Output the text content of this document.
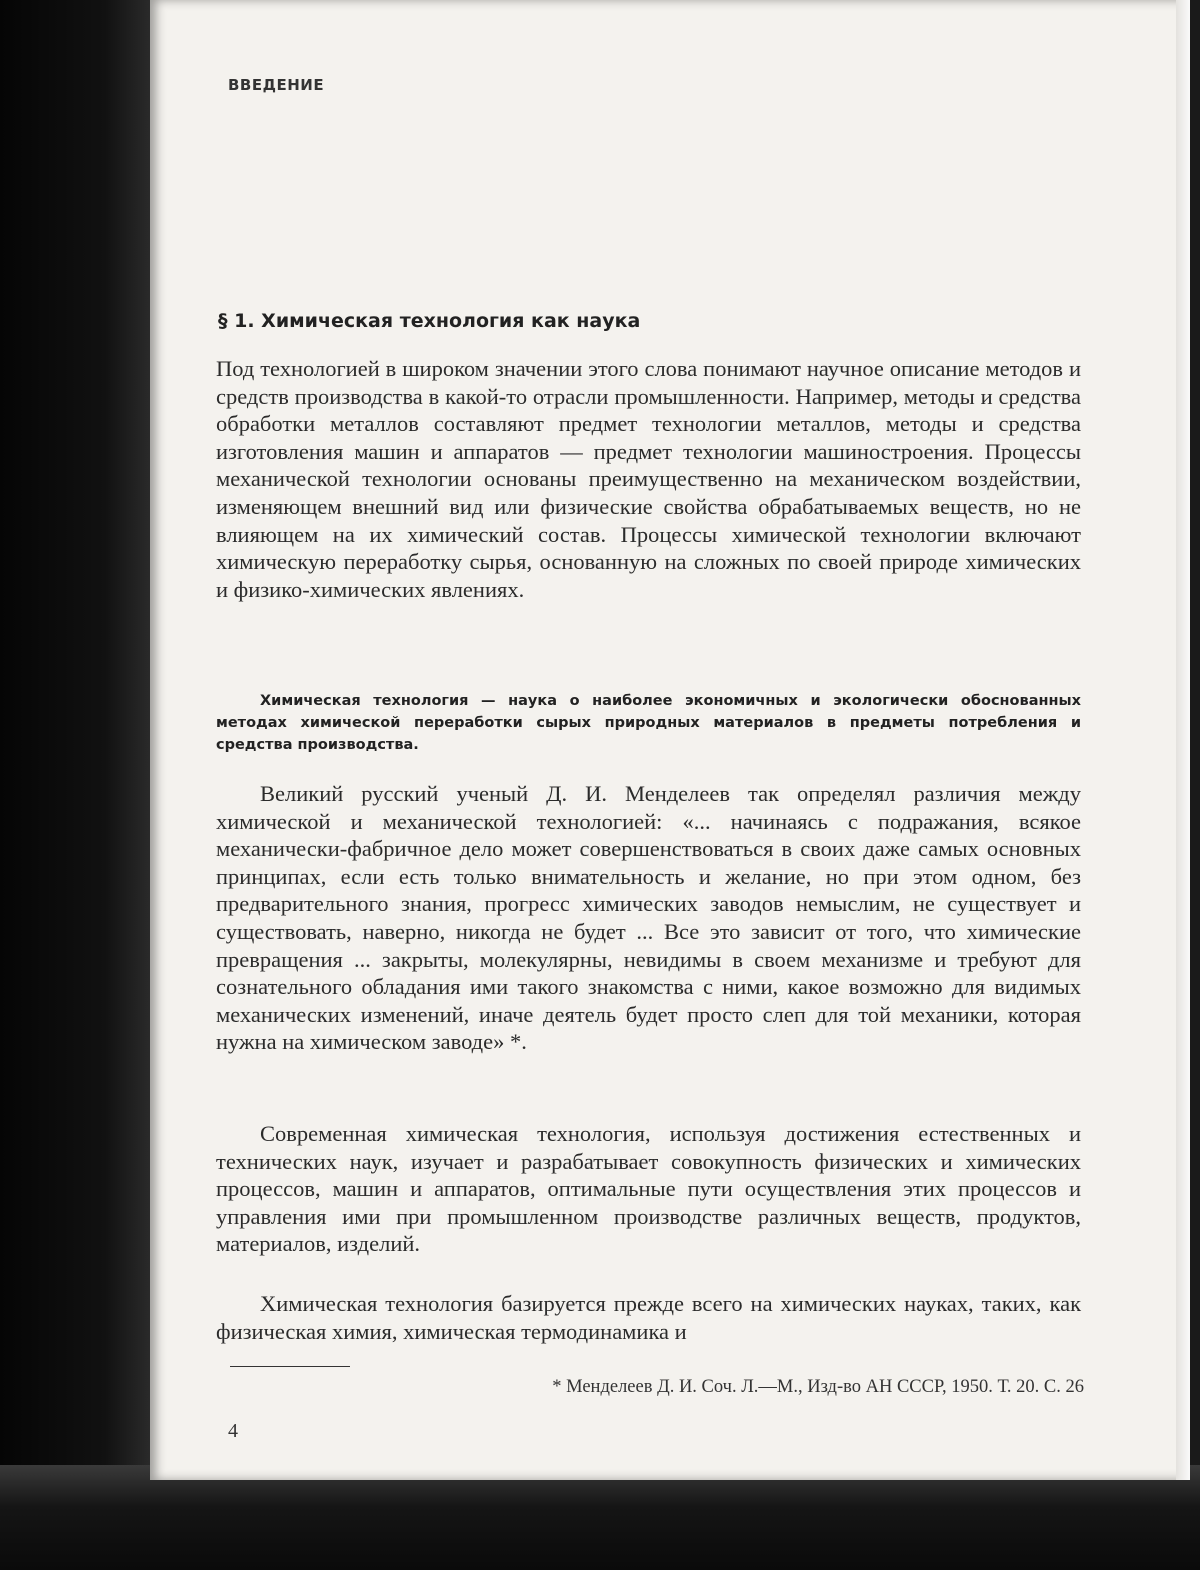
ВВЕДЕНИЕ
§ 1. Химическая технология как наука
Под технологией в широком значении этого слова понимают научное описание методов и средств производства в какой-то отрасли промышленности. Например, методы и средства обработки металлов составляют предмет технологии металлов, методы и средства изготовления машин и аппаратов — предмет технологии машиностроения. Процессы механической технологии основаны преимущественно на механическом воздействии, изменяющем внешний вид или физические свойства обрабатываемых веществ, но не влияющем на их химический состав. Процессы химической технологии включают химическую переработку сырья, основанную на сложных по своей природе химических и физико-химических явлениях.
Химическая технология — наука о наиболее экономичных и экологически обоснованных методах химической переработки сырых природных материалов в предметы потребления и средства производства.
Великий русский ученый Д. И. Менделеев так определял различия между химической и механической технологией: «... начинаясь с подражания, всякое механически-фабричное дело может совершенствоваться в своих даже самых основных принципах, если есть только внимательность и желание, но при этом одном, без предварительного знания, прогресс химических заводов немыслим, не существует и существовать, наверно, никогда не будет ... Все это зависит от того, что химические превращения ... закрыты, молекулярны, невидимы в своем механизме и требуют для сознательного обладания ими такого знакомства с ними, какое возможно для видимых механических изменений, иначе деятель будет просто слеп для той механики, которая нужна на химическом заводе» *.
Современная химическая технология, используя достижения естественных и технических наук, изучает и разрабатывает совокупность физических и химических процессов, машин и аппаратов, оптимальные пути осуществления этих процессов и управления ими при промышленном производстве различных веществ, продуктов, материалов, изделий.
Химическая технология базируется прежде всего на химических науках, таких, как физическая химия, химическая термодинамика и
* Менделеев Д. И. Соч. Л.—М., Изд-во АН СССР, 1950. Т. 20. С. 26
4
